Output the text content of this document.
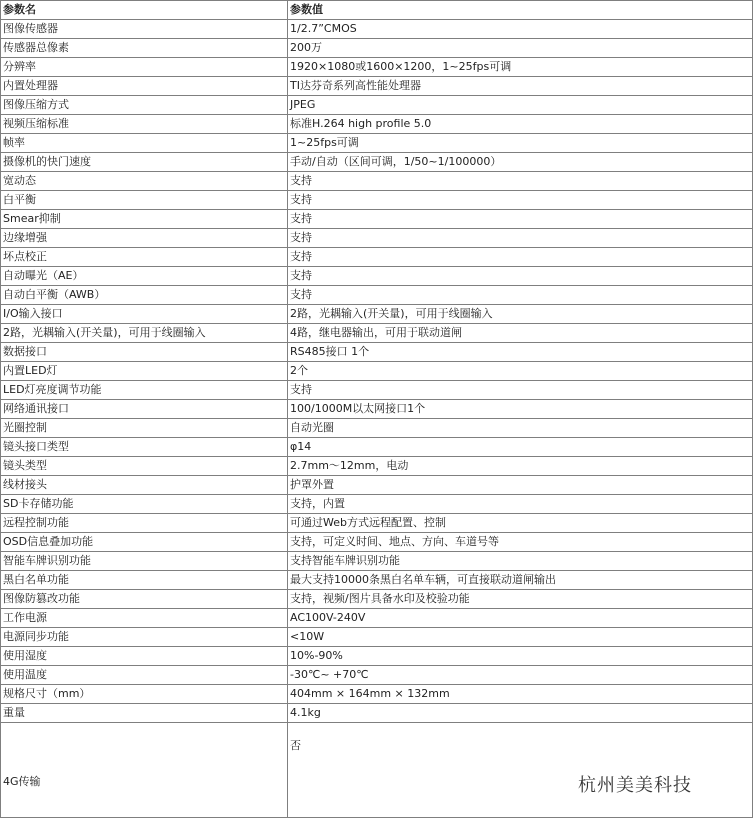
参数名	参数值
图像传感器	1/2.7”CMOS
传感器总像素	200万
分辨率	1920×1080或1600×1200，1~25fps可调
内置处理器	TI达芬奇系列高性能处理器
图像压缩方式	JPEG
视频压缩标准	标准H.264 high profile 5.0
帧率	1~25fps可调
摄像机的快门速度	手动/自动（区间可调，1/50~1/100000）
宽动态	支持
白平衡	支持
Smear抑制	支持
边缘增强	支持
坏点校正	支持
自动曝光（AE）	支持
自动白平衡（AWB）	支持
I/O输入接口	2路，光耦输入(开关量)，可用于线圈输入
2路，光耦输入(开关量)，可用于线圈输入	4路，继电器输出，可用于联动道闸
数据接口	RS485接口 1个
内置LED灯	2个
LED灯亮度调节功能	支持
网络通讯接口	100/1000M以太网接口1个
光圈控制	自动光圈
镜头接口类型	φ14
镜头类型	2.7mm～12mm，电动
线材接头	护罩外置
SD卡存储功能	支持，内置
远程控制功能	可通过Web方式远程配置、控制
OSD信息叠加功能	支持，可定义时间、地点、方向、车道号等
智能车牌识别功能	支持智能车牌识别功能
黑白名单功能	最大支持10000条黑白名单车辆，可直接联动道闸输出
图像防篡改功能	支持，视频/图片具备水印及校验功能
工作电源	AC100V-240V
电源同步功能	<10W
使用湿度	10%-90%
使用温度	-30℃~ +70℃
规格尺寸（mm）	404mm × 164mm × 132mm
重量	4.1kg
4G传输	否
杭州美美科技
